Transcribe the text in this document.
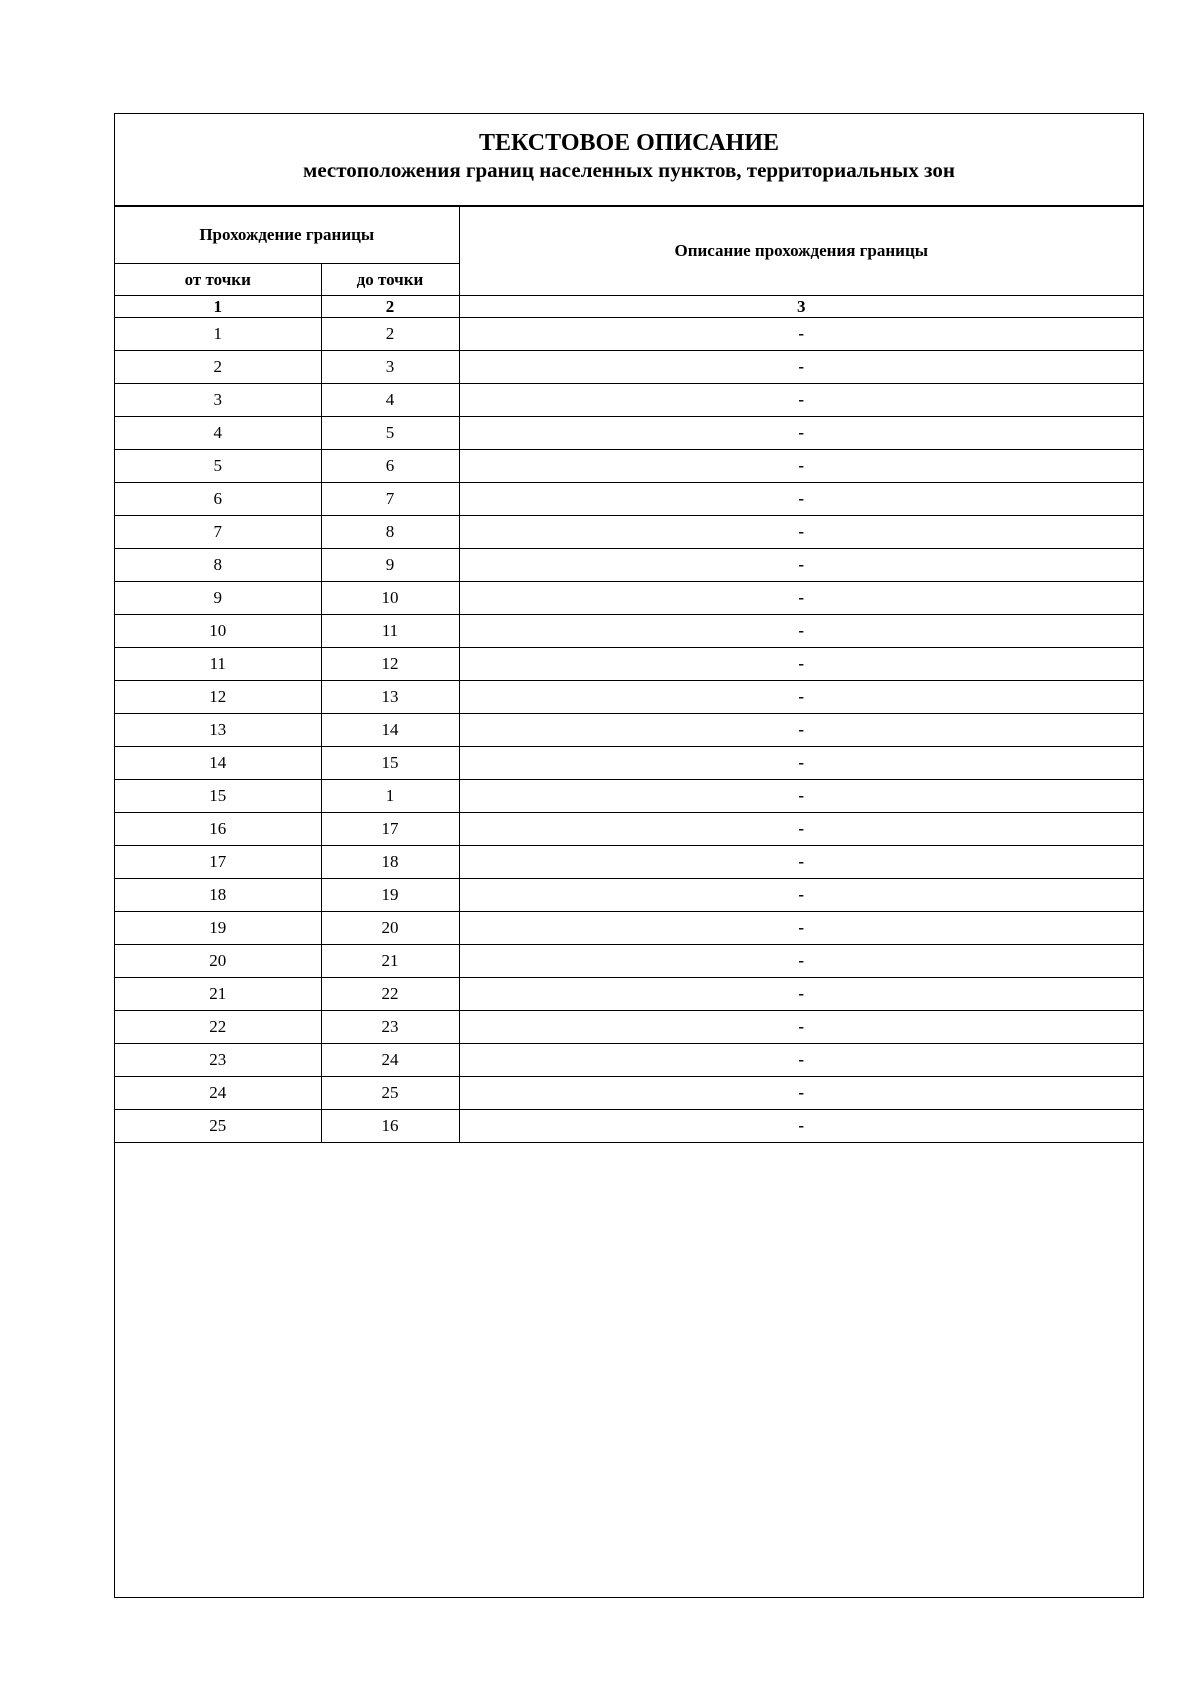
ТЕКСТОВОЕ ОПИСАНИЕ
местоположения границ населенных пунктов, территориальных зон
Прохождение границы		Описание прохождения границы
от точки	до точки	
1	2	3
1	2	-
2	3	-
3	4	-
4	5	-
5	6	-
6	7	-
7	8	-
8	9	-
9	10	-
10	11	-
11	12	-
12	13	-
13	14	-
14	15	-
15	1	-
16	17	-
17	18	-
18	19	-
19	20	-
20	21	-
21	22	-
22	23	-
23	24	-
24	25	-
25	16	-
